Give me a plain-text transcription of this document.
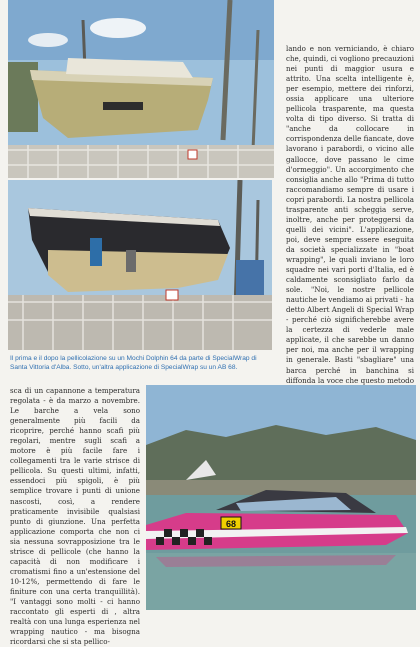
Il prima e il dopo la pellicolazione su un Mochi Dolphin 64 da parte di SpecialWrap di Santa Vittoria d'Alba. Sotto, un'altra applicazione di SpecialWrap su un AB 68.

lando e non verniciando, è chiaro che, quindi, ci vogliono precauzioni nei punti di maggior usura e attrito. Una scelta intelligente è, per esempio, mettere dei rinforzi, ossia applicare una ulteriore pellicola trasparente, ma questa volta di tipo diverso. Si tratta di "anche da collocare in corrispondenza delle fiancate, dove lavorano i parabordi, o vicino alle gallocce, dove passano le cime d'ormeggio". Un accorgimento che consiglia anche allo "Prima di tutto raccomandiamo sempre di usare i copri parabordi. La nostra pellicola trasparente anti scheggia serve, inoltre, anche per proteggersi da quelli dei vicini". L'applicazione, poi, deve sempre essere eseguita da società specializzate in "boat wrapping", le quali inviano le loro squadre nei vari porti d'Italia, ed è caldamente sconsigliato farlo da sole. "Noi, le nostre pellicole nautiche le vendiamo ai privati - ha detto Albert Angeli di Special Wrap - perché ciò significherebbe avere la certezza di vederle male applicate, il che sarebbe un danno per noi, ma anche per il wrapping in generale. Basti "sbagliare" una barca perché in banchina si diffonda la voce che questo metodo

sca di un capannone a temperatura regolata - è da marzo a novembre. Le barche a vela sono generalmente più facili da ricoprire, perché hanno scafi più regolari, mentre sugli scafi a motore è più facile fare i collegamenti tra le varie strisce di pellicola. Su questi ultimi, infatti, essendoci più spigoli, è più semplice trovare i punti di unione nascosti, così, a rendere praticamente invisibile qualsiasi punto di giunzione. Una perfetta applicazione comporta che non ci sia nessuna sovrapposizione tra le strisce di pellicole (che hanno la capacità di non modificare i cromatismi fino a un'estensione del 10-12%, permettendo di fare le finiture con una certa tranquillità). "I vantaggi sono molti - ci hanno raccontato gli esperti di , altra realtà con una lunga esperienza nel wrapping nautico - ma bisogna ricordarsi che si sta pellico-

68
